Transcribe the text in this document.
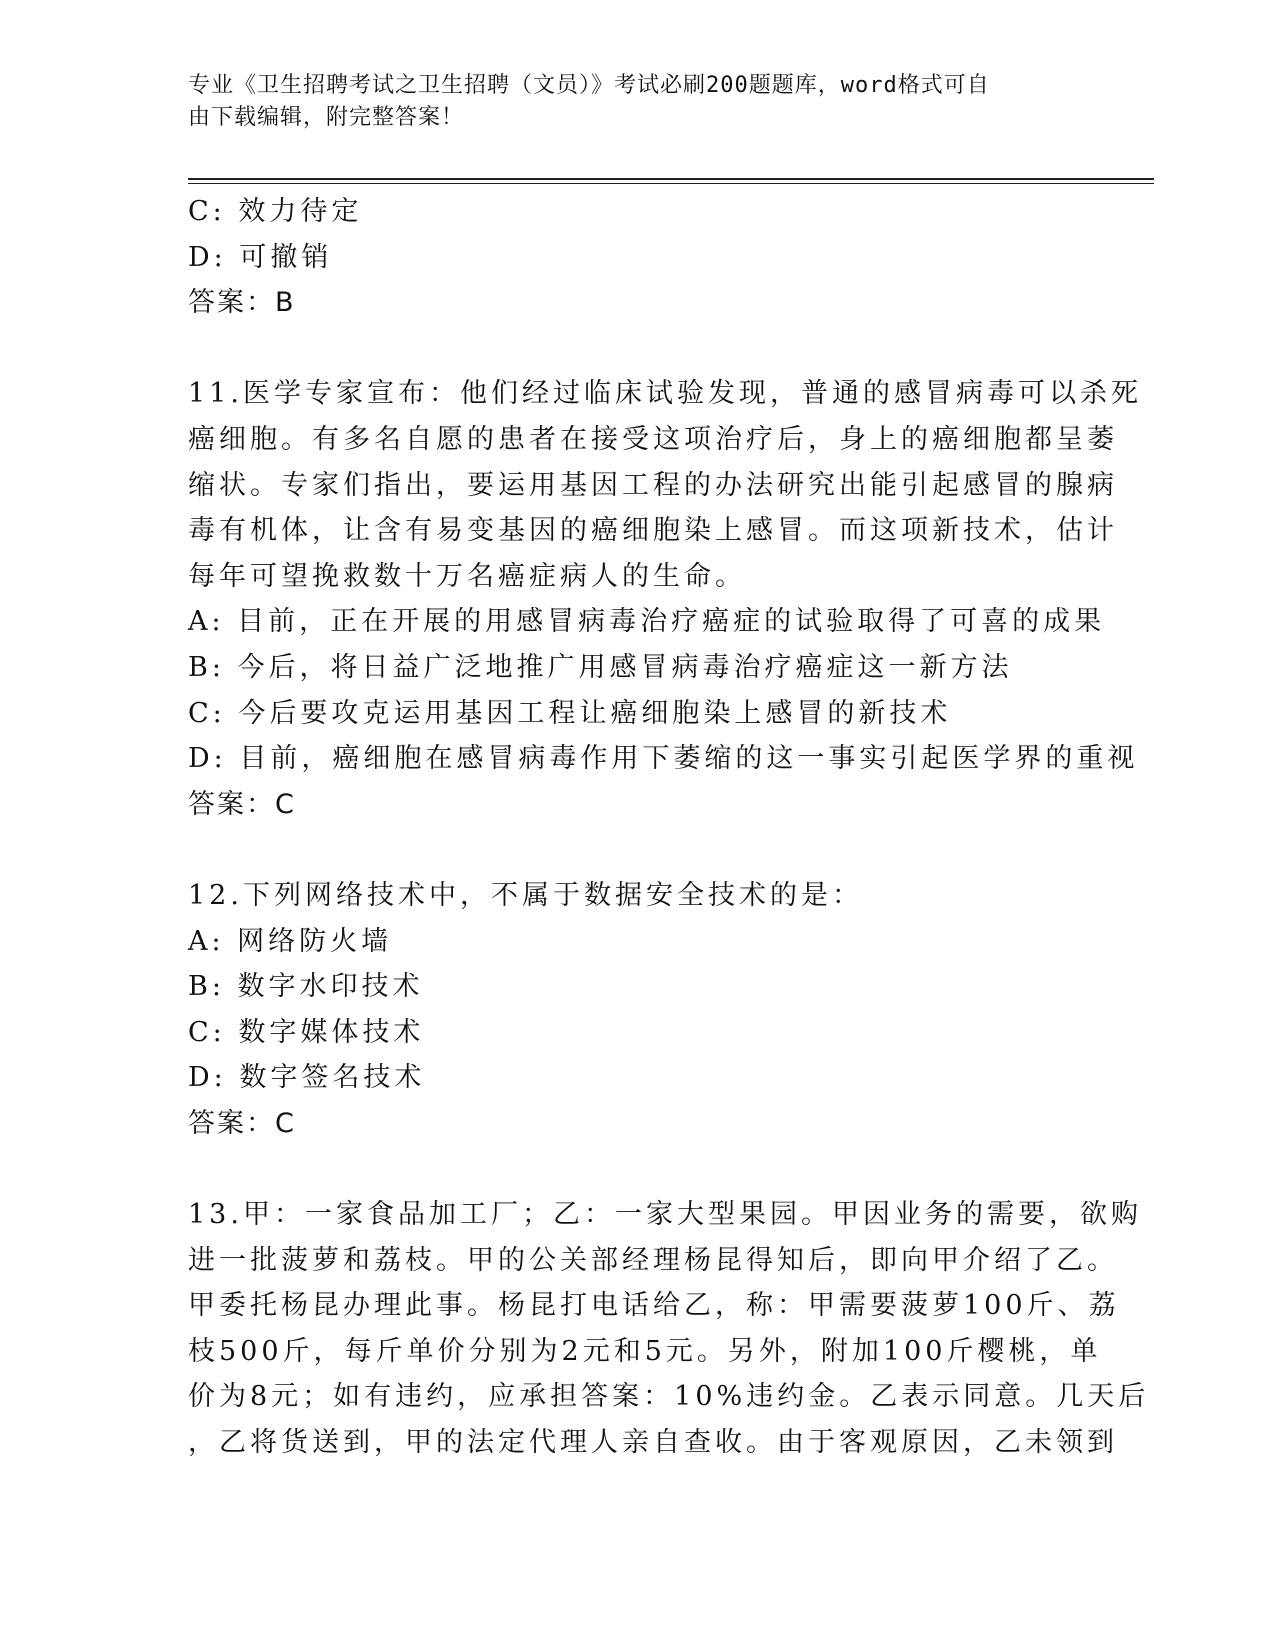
专业《卫生招聘考试之卫生招聘（文员）》考试必刷200题题库，word格式可自
由下载编辑，附完整答案！
C: 效力待定
D: 可撤销
答案：B
11.医学专家宣布：他们经过临床试验发现，普通的感冒病毒可以杀死
癌细胞。有多名自愿的患者在接受这项治疗后，身上的癌细胞都呈萎
缩状。专家们指出，要运用基因工程的办法研究出能引起感冒的腺病
毒有机体，让含有易变基因的癌细胞染上感冒。而这项新技术，估计
每年可望挽救数十万名癌症病人的生命。
A: 目前，正在开展的用感冒病毒治疗癌症的试验取得了可喜的成果
B: 今后，将日益广泛地推广用感冒病毒治疗癌症这一新方法
C: 今后要攻克运用基因工程让癌细胞染上感冒的新技术
D: 目前，癌细胞在感冒病毒作用下萎缩的这一事实引起医学界的重视
答案：C
12.下列网络技术中，不属于数据安全技术的是：
A: 网络防火墙
B: 数字水印技术
C: 数字媒体技术
D: 数字签名技术
答案：C
13.甲：一家食品加工厂；乙：一家大型果园。甲因业务的需要，欲购
进一批菠萝和荔枝。甲的公关部经理杨昆得知后，即向甲介绍了乙。
甲委托杨昆办理此事。杨昆打电话给乙，称：甲需要菠萝100斤、荔
枝500斤，每斤单价分别为2元和5元。另外，附加100斤樱桃，单
价为8元；如有违约，应承担答案：10%违约金。乙表示同意。几天后
，乙将货送到，甲的法定代理人亲自查收。由于客观原因，乙未领到
